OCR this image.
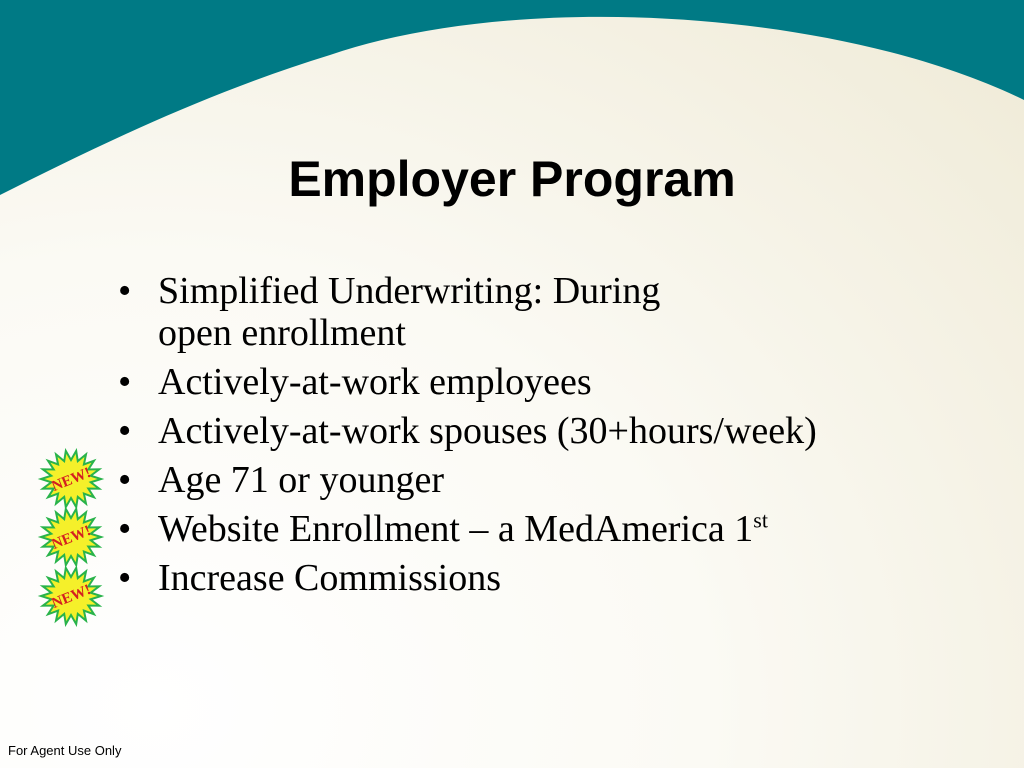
Employer Program
• Simplified Underwriting: During
open enrollment
• Actively-at-work employees
• Actively-at-work spouses (30+hours/week)
• Age 71 or younger
• Website Enrollment – a MedAmerica 1st
• Increase Commissions
NEW!
NEW!
NEW!
For Agent Use Only
